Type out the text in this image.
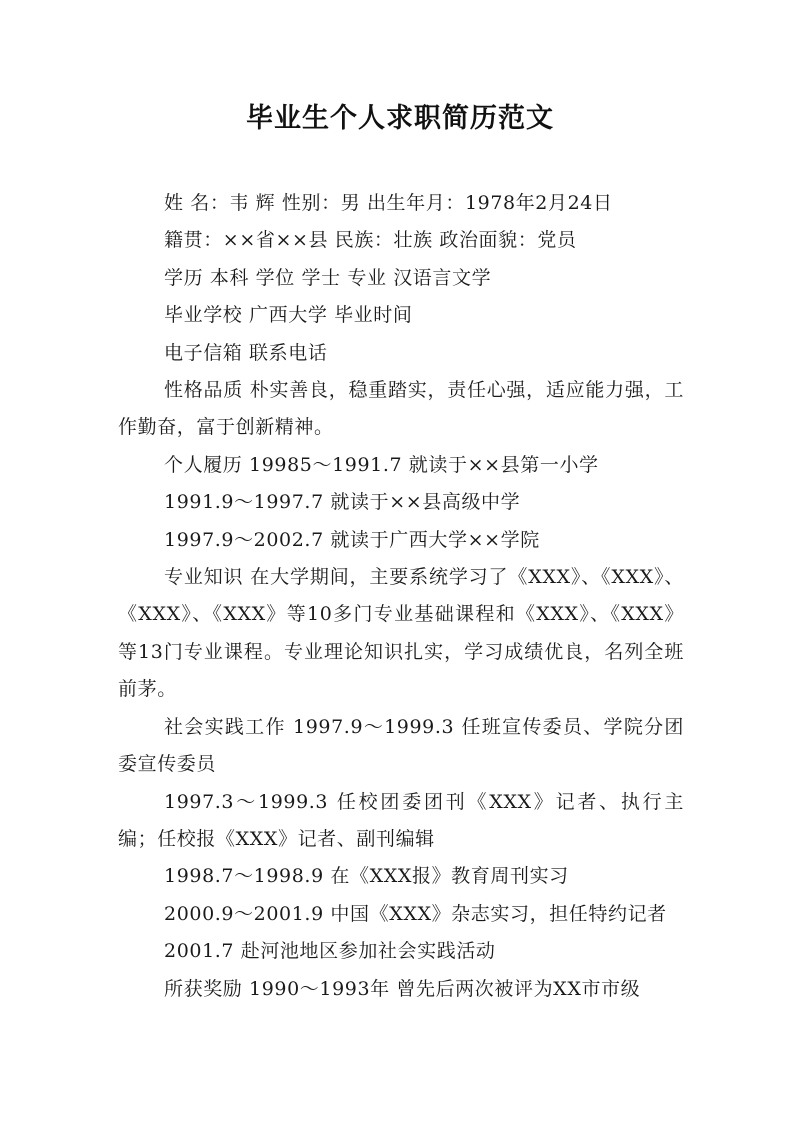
毕业生个人求职简历范文

姓 名：韦 辉 性别：男 出生年月：1978年2月24日

籍贯：××省××县 民族：壮族 政治面貌：党员

学历 本科 学位 学士 专业 汉语言文学

毕业学校 广西大学 毕业时间

电子信箱 联系电话

性格品质 朴实善良，稳重踏实，责任心强，适应能力强，工作勤奋，富于创新精神。

个人履历 19985～1991.7 就读于××县第一小学

1991.9～1997.7 就读于××县高级中学

1997.9～2002.7 就读于广西大学××学院

专业知识 在大学期间，主要系统学习了《XXX》、《XXX》、《XXX》、《XXX》等10多门专业基础课程和《XXX》、《XXX》等13门专业课程。专业理论知识扎实，学习成绩优良，名列全班前茅。

社会实践工作 1997.9～1999.3 任班宣传委员、学院分团委宣传委员

1997.3～1999.3 任校团委团刊《XXX》记者、执行主编；任校报《XXX》记者、副刊编辑

1998.7～1998.9 在《XXX报》教育周刊实习

2000.9～2001.9 中国《XXX》杂志实习，担任特约记者

2001.7 赴河池地区参加社会实践活动

所获奖励 1990～1993年 曾先后两次被评为XX市市级
